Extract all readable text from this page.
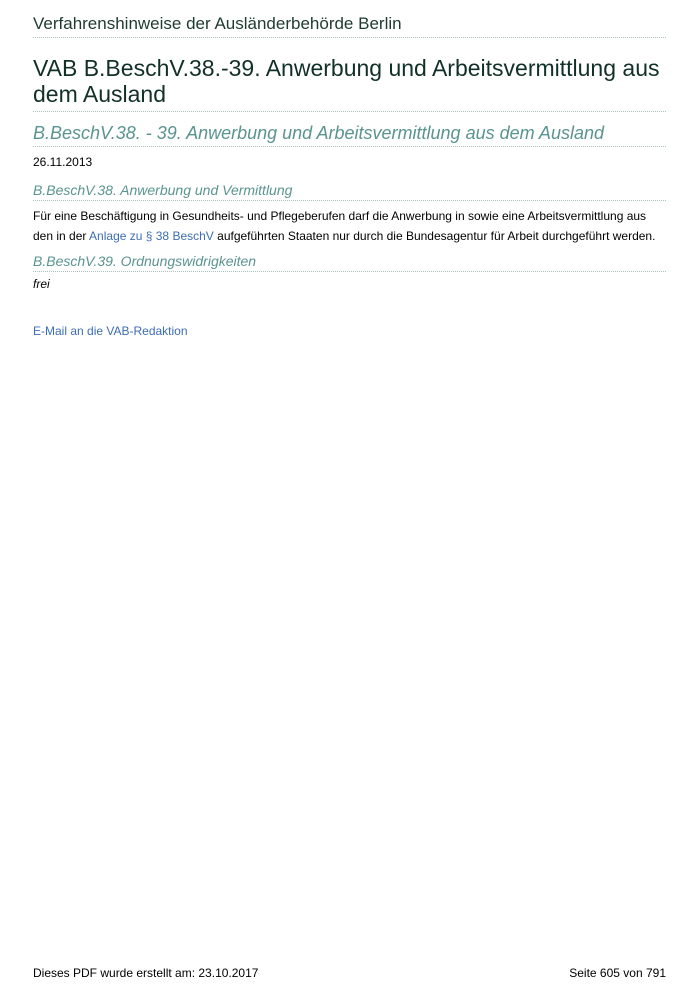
Verfahrenshinweise der Ausländerbehörde Berlin
VAB B.BeschV.38.-39. Anwerbung und Arbeitsvermittlung aus dem Ausland
B.BeschV.38. - 39. Anwerbung und Arbeitsvermittlung aus dem Ausland
26.11.2013
B.BeschV.38. Anwerbung und Vermittlung
Für eine Beschäftigung in Gesundheits- und Pflegeberufen darf die Anwerbung in sowie eine Arbeitsvermittlung aus den in der Anlage zu § 38 BeschV aufgeführten Staaten nur durch die Bundesagentur für Arbeit durchgeführt werden.
B.BeschV.39. Ordnungswidrigkeiten
frei
E-Mail an die VAB-Redaktion
Dieses PDF wurde erstellt am: 23.10.2017	Seite 605 von 791
